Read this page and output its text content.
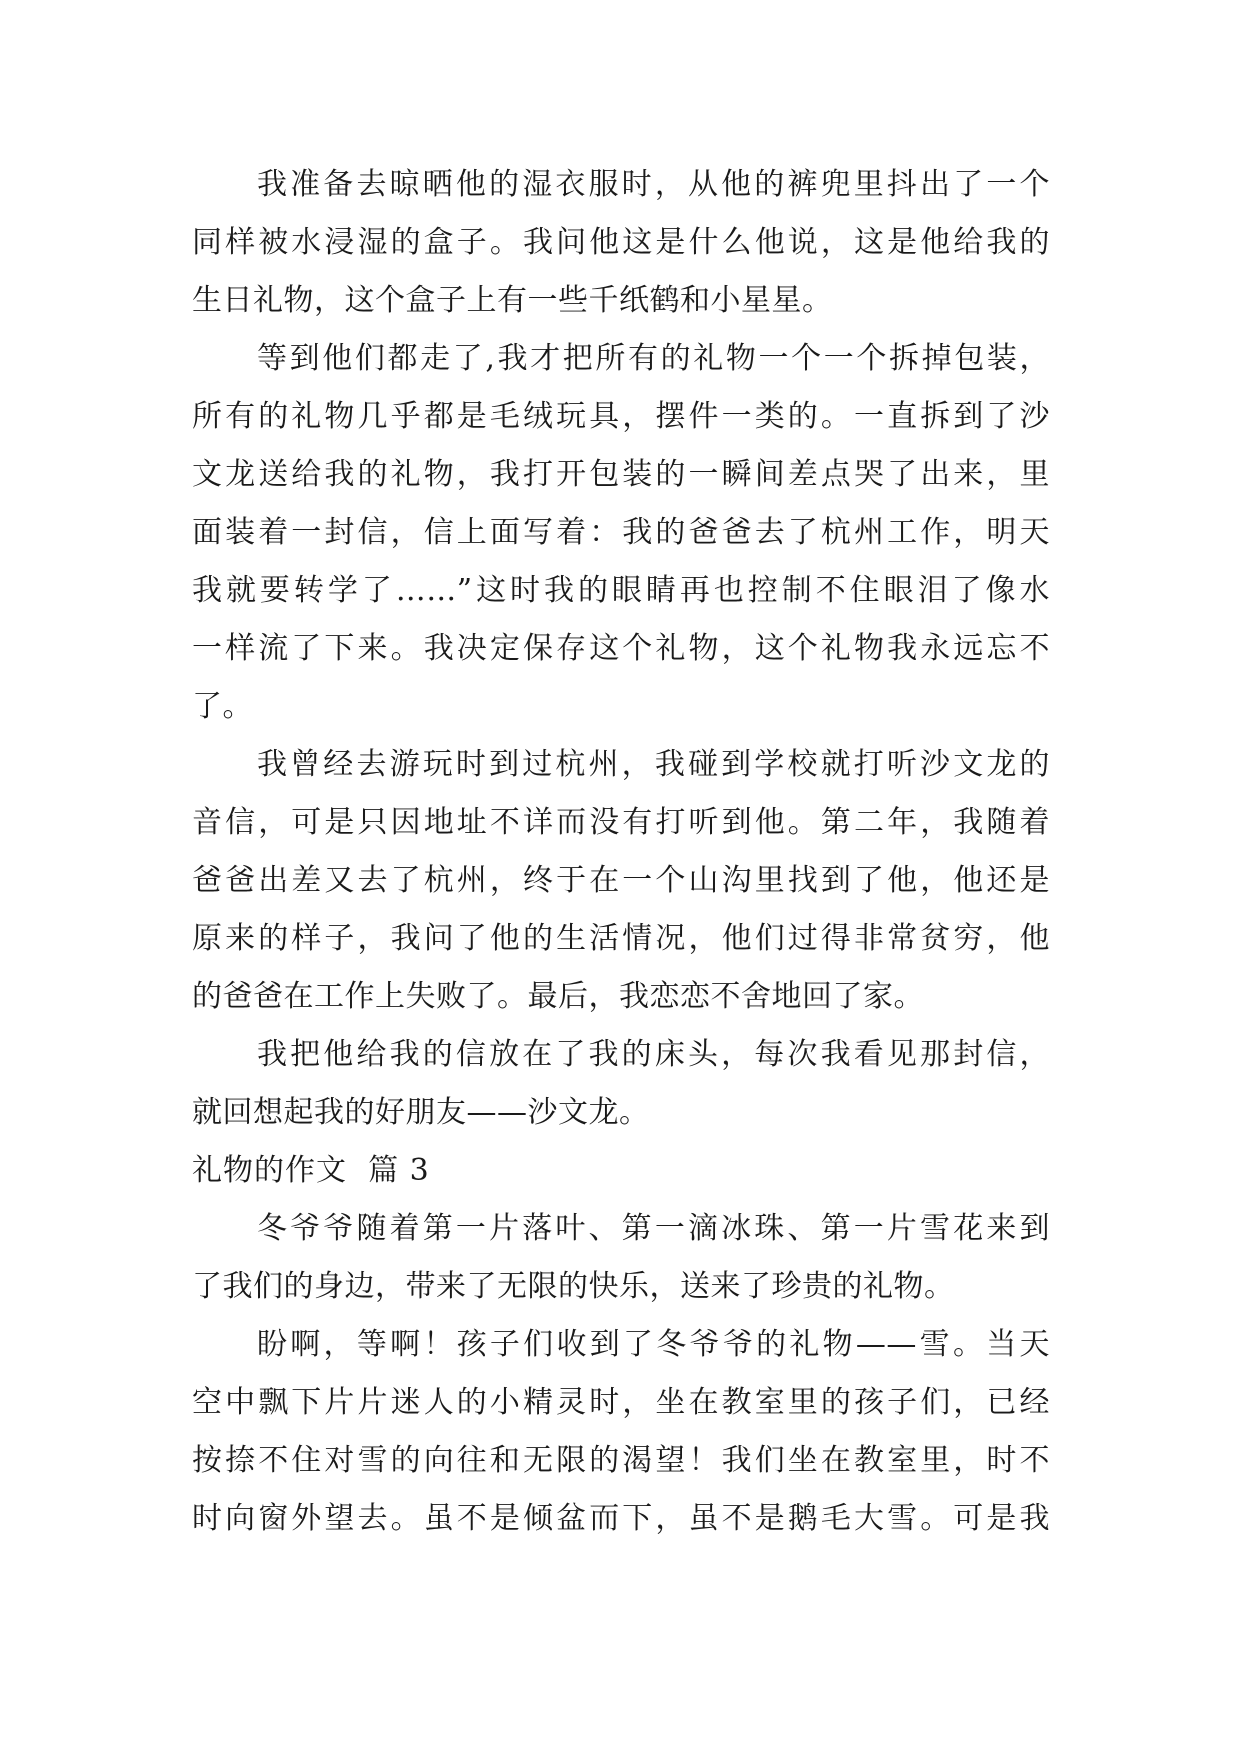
我准备去晾晒他的湿衣服时，从他的裤兜里抖出了一个
同样被水浸湿的盒子。我问他这是什么他说，这是他给我的
生日礼物，这个盒子上有一些千纸鹤和小星星。
等到他们都走了,我才把所有的礼物一个一个拆掉包装，
所有的礼物几乎都是毛绒玩具，摆件一类的。一直拆到了沙
文龙送给我的礼物，我打开包装的一瞬间差点哭了出来，里
面装着一封信，信上面写着：我的爸爸去了杭州工作，明天
我就要转学了……”这时我的眼睛再也控制不住眼泪了像水
一样流了下来。我决定保存这个礼物，这个礼物我永远忘不
了。
我曾经去游玩时到过杭州，我碰到学校就打听沙文龙的
音信，可是只因地址不详而没有打听到他。第二年，我随着
爸爸出差又去了杭州，终于在一个山沟里找到了他，他还是
原来的样子，我问了他的生活情况，他们过得非常贫穷，他
的爸爸在工作上失败了。最后，我恋恋不舍地回了家。
我把他给我的信放在了我的床头，每次我看见那封信，
就回想起我的好朋友——沙文龙。
礼物的作文  篇 3
冬爷爷随着第一片落叶、第一滴冰珠、第一片雪花来到
了我们的身边，带来了无限的快乐，送来了珍贵的礼物。
盼啊，等啊！孩子们收到了冬爷爷的礼物——雪。当天
空中飘下片片迷人的小精灵时，坐在教室里的孩子们，已经
按捺不住对雪的向往和无限的渴望！我们坐在教室里，时不
时向窗外望去。虽不是倾盆而下，虽不是鹅毛大雪。可是我
